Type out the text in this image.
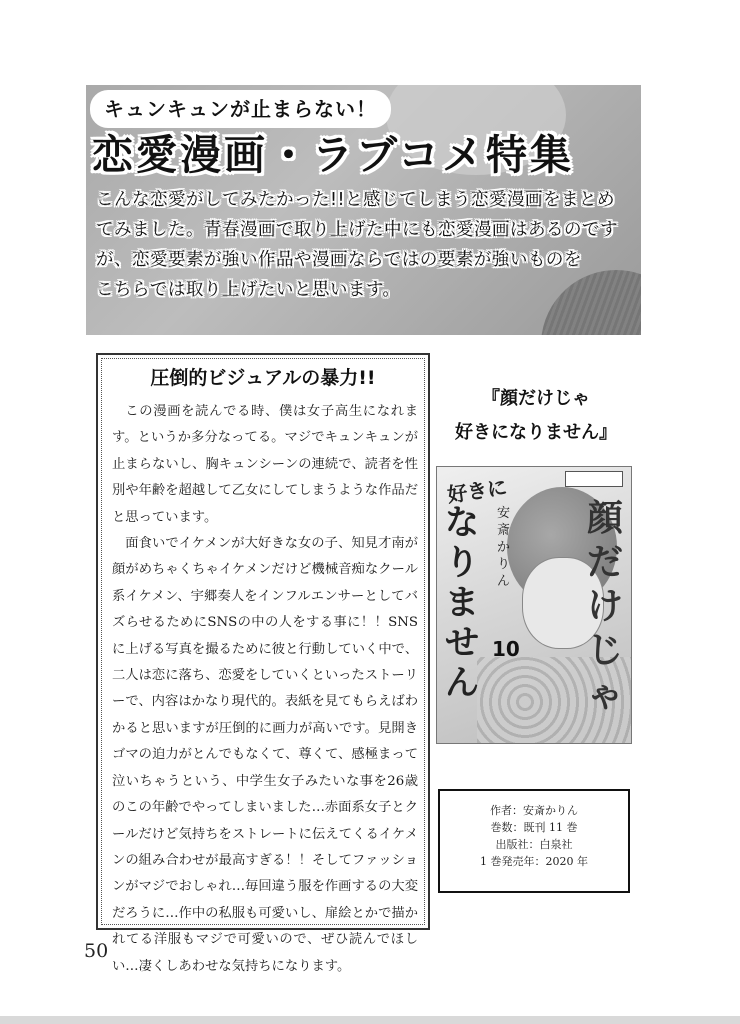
キュンキュンが止まらない！
恋愛漫画・ラブコメ特集
こんな恋愛がしてみたかった!!と感じてしまう恋愛漫画をまとめ
てみました。青春漫画で取り上げた中にも恋愛漫画はあるのです
が、恋愛要素が強い作品や漫画ならではの要素が強いものを
こちらでは取り上げたいと思います。
圧倒的ビジュアルの暴力!!

この漫画を読んでる時、僕は女子高生になれます。というか多分なってる。マジでキュンキュンが止まらないし、胸キュンシーンの連続で、読者を性別や年齢を超越して乙女にしてしまうような作品だと思っています。

面食いでイケメンが大好きな女の子、知見才南が顔がめちゃくちゃイケメンだけど機械音痴なクール系イケメン、宇郷奏人をインフルエンサーとしてバズらせるためにSNSの中の人をする事に！！SNSに上げる写真を撮るために彼と行動していく中で、二人は恋に落ち、恋愛をしていくといったストーリーで、内容はかなり現代的。表紙を見てもらえばわかると思いますが圧倒的に画力が高いです。見開きゴマの迫力がとんでもなくて、尊くて、感極まって泣いちゃうという、中学生女子みたいな事を26歳のこの年齢でやってしまいました…赤面系女子とクールだけど気持ちをストレートに伝えてくるイケメンの組み合わせが最高すぎる！！そしてファッションがマジでおしゃれ…毎回違う服を作画するの大変だろうに…作中の私服も可愛いし、扉絵とかで描かれてる洋服もマジで可愛いので、ぜひ読んでほしい…凄くしあわせな気持ちになります。

『顔だけじゃ
好きになりません』
好きに
なりません
安斎かりん
顔だけじゃ
10
作者：安斎かりん
巻数：既刊 11 巻
出版社：白泉社
1 巻発売年：2020 年
50
